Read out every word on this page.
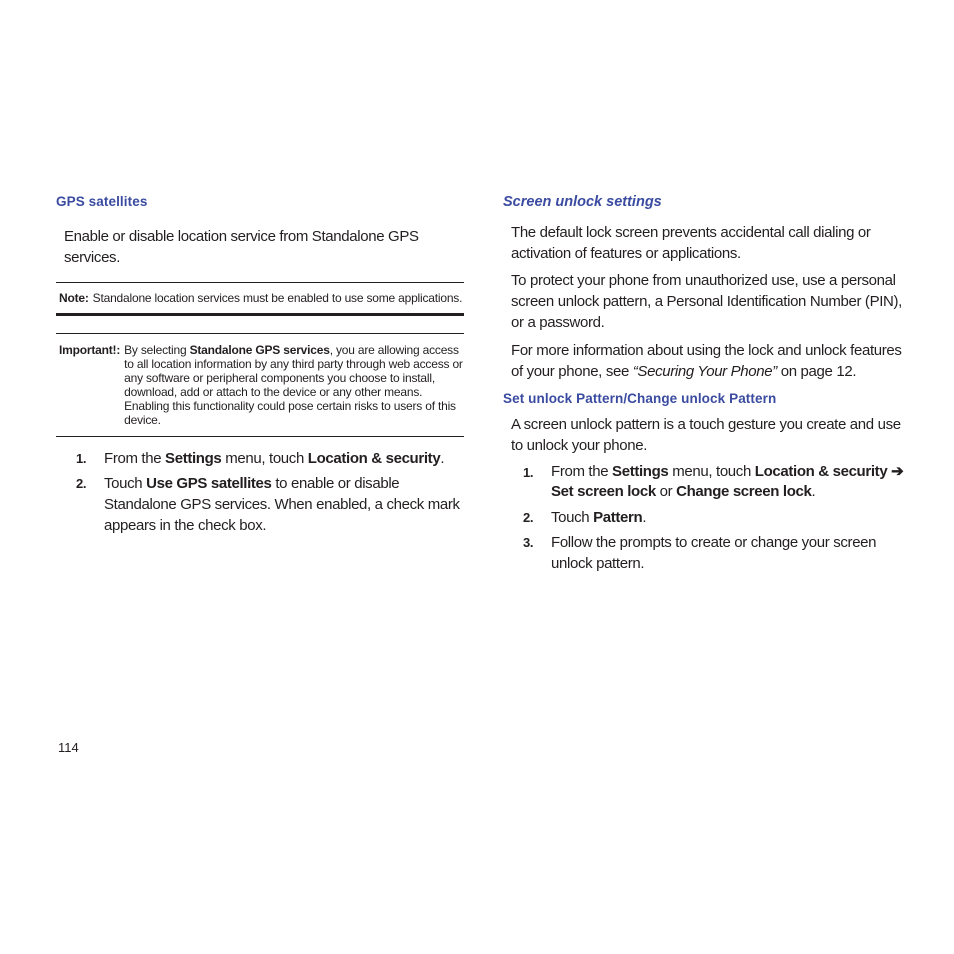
GPS satellites

Enable or disable location service from Standalone GPS services.

Note: Standalone location services must be enabled to use some applications.
Important!: By selecting Standalone GPS services, you are allowing access to all location information by any third party through web access or any software or peripheral components you choose to install, download, add or attach to the device or any other means. Enabling this functionality could pose certain risks to users of this device.
1.	From the Settings menu, touch Location & security.
2.	Touch Use GPS satellites to enable or disable Standalone GPS services. When enabled, a check mark appears in the check box.
Screen unlock settings

The default lock screen prevents accidental call dialing or activation of features or applications.

To protect your phone from unauthorized use, use a personal screen unlock pattern, a Personal Identification Number (PIN), or a password.

For more information about using the lock and unlock features of your phone, see “Securing Your Phone” on page 12.

Set unlock Pattern/Change unlock Pattern

A screen unlock pattern is a touch gesture you create and use to unlock your phone.

1.	From the Settings menu, touch Location & security ➔ Set screen lock or Change screen lock.
2.	Touch Pattern.
3.	Follow the prompts to create or change your screen unlock pattern.
114
